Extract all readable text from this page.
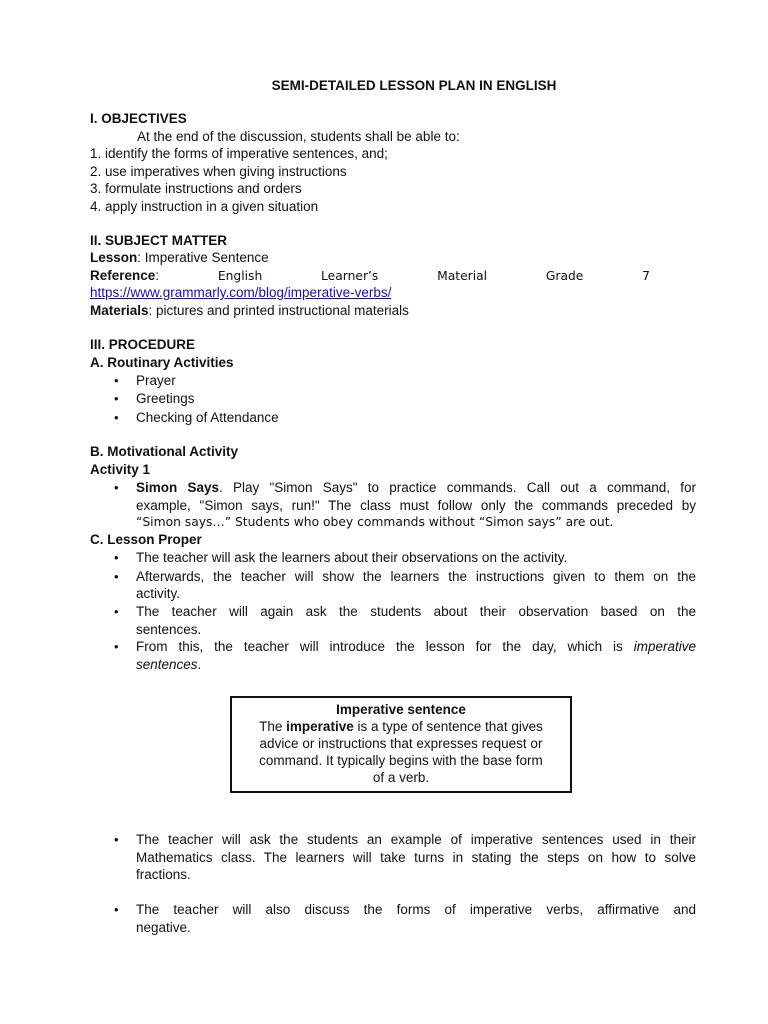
SEMI-DETAILED LESSON PLAN IN ENGLISH
I. OBJECTIVES
At the end of the discussion, students shall be able to:
1. identify the forms of imperative sentences, and;
2. use imperatives when giving instructions
3. formulate instructions and orders
4. apply instruction in a given situation
II. SUBJECT MATTER
Lesson: Imperative Sentence
Reference:	English	Learner’s	Material	Grade	7
https://www.grammarly.com/blog/imperative-verbs/
Materials: pictures and printed instructional materials
III. PROCEDURE
A. Routinary Activities
• Prayer
• Greetings
• Checking of Attendance
B. Motivational Activity
Activity 1
• Simon Says. Play "Simon Says" to practice commands. Call out a command, for
example, "Simon says, run!" The class must follow only the commands preceded by
“Simon says…” Students who obey commands without “Simon says” are out.
C. Lesson Proper
• The teacher will ask the learners about their observations on the activity.
• Afterwards, the teacher will show the learners the instructions given to them on the
activity.
• The teacher will again ask the students about their observation based on the
sentences.
• From this, the teacher will introduce the lesson for the day, which is imperative
sentences.
Imperative sentence
The imperative is a type of sentence that gives
advice or instructions that expresses request or
command. It typically begins with the base form
of a verb.
• The teacher will ask the students an example of imperative sentences used in their
Mathematics class. The learners will take turns in stating the steps on how to solve
fractions.
• The teacher will also discuss the forms of imperative verbs, affirmative and
negative.
